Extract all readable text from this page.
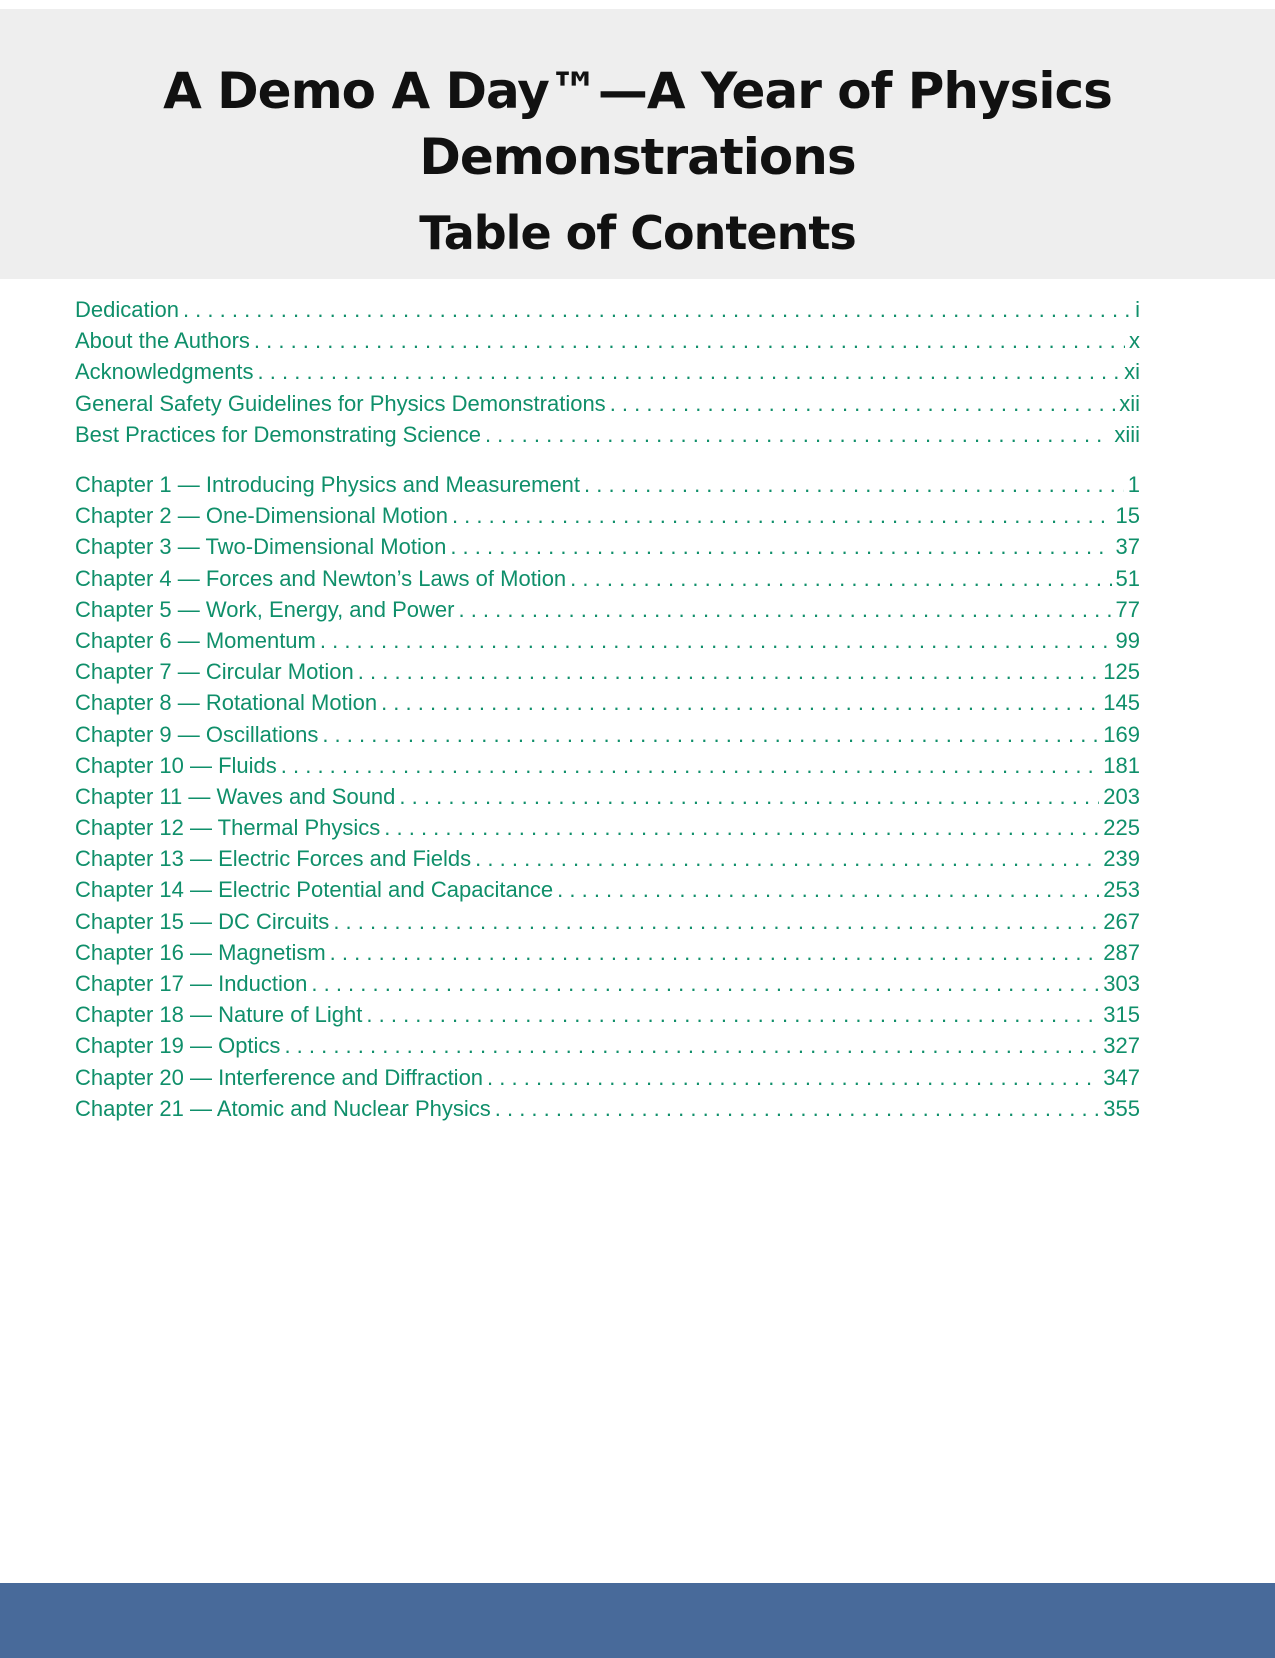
A Demo A Day™—A Year of Physics
Demonstrations
Table of Contents
Dedication . . .	i
About the Authors . . .	x
Acknowledgments . . .	xi
General Safety Guidelines for Physics Demonstrations . . .	xii
Best Practices for Demonstrating Science . . .	xiii
Chapter 1 — Introducing Physics and Measurement . . .	1
Chapter 2 — One-Dimensional Motion . . .	15
Chapter 3 — Two-Dimensional Motion . . .	37
Chapter 4 — Forces and Newton’s Laws of Motion . . .	51
Chapter 5 — Work, Energy, and Power . . .	77
Chapter 6 — Momentum . . .	99
Chapter 7 — Circular Motion . . .	125
Chapter 8 — Rotational Motion . . .	145
Chapter 9 — Oscillations . . .	169
Chapter 10 — Fluids . . .	181
Chapter 11 — Waves and Sound . . .	203
Chapter 12 — Thermal Physics . . .	225
Chapter 13 — Electric Forces and Fields . . .	239
Chapter 14 — Electric Potential and Capacitance . . .	253
Chapter 15 — DC Circuits . . .	267
Chapter 16 — Magnetism . . .	287
Chapter 17 — Induction . . .	303
Chapter 18 — Nature of Light . . .	315
Chapter 19 — Optics . . .	327
Chapter 20 — Interference and Diffraction . . .	347
Chapter 21 — Atomic and Nuclear Physics . . .	355
